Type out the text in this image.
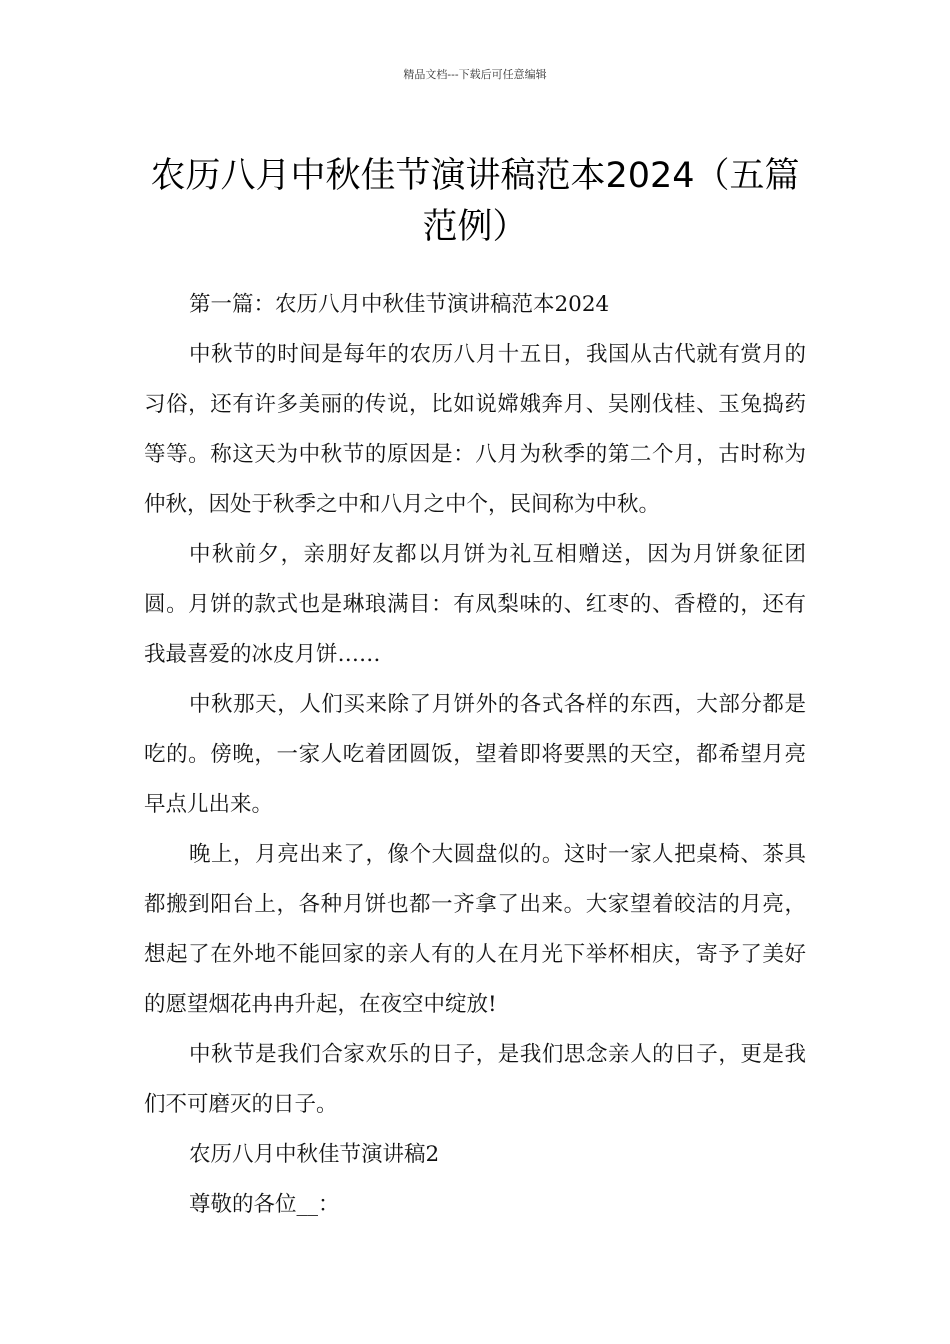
精品文档---下载后可任意编辑
农历八月中秋佳节演讲稿范本2024（五篇范例）

第一篇：农历八月中秋佳节演讲稿范本2024

中秋节的时间是每年的农历八月十五日，我国从古代就有赏月的习俗，还有许多美丽的传说，比如说嫦娥奔月、吴刚伐桂、玉兔捣药等等。称这天为中秋节的原因是：八月为秋季的第二个月，古时称为仲秋，因处于秋季之中和八月之中个，民间称为中秋。

中秋前夕，亲朋好友都以月饼为礼互相赠送，因为月饼象征团圆。月饼的款式也是琳琅满目：有凤梨味的、红枣的、香橙的，还有我最喜爱的冰皮月饼……

中秋那天，人们买来除了月饼外的各式各样的东西，大部分都是吃的。傍晚，一家人吃着团圆饭，望着即将要黑的天空，都希望月亮早点儿出来。

晚上，月亮出来了，像个大圆盘似的。这时一家人把桌椅、茶具都搬到阳台上，各种月饼也都一齐拿了出来。大家望着皎洁的月亮，想起了在外地不能回家的亲人有的人在月光下举杯相庆，寄予了美好的愿望烟花冉冉升起，在夜空中绽放!

中秋节是我们合家欢乐的日子，是我们思念亲人的日子，更是我们不可磨灭的日子。

农历八月中秋佳节演讲稿2

尊敬的各位__：
